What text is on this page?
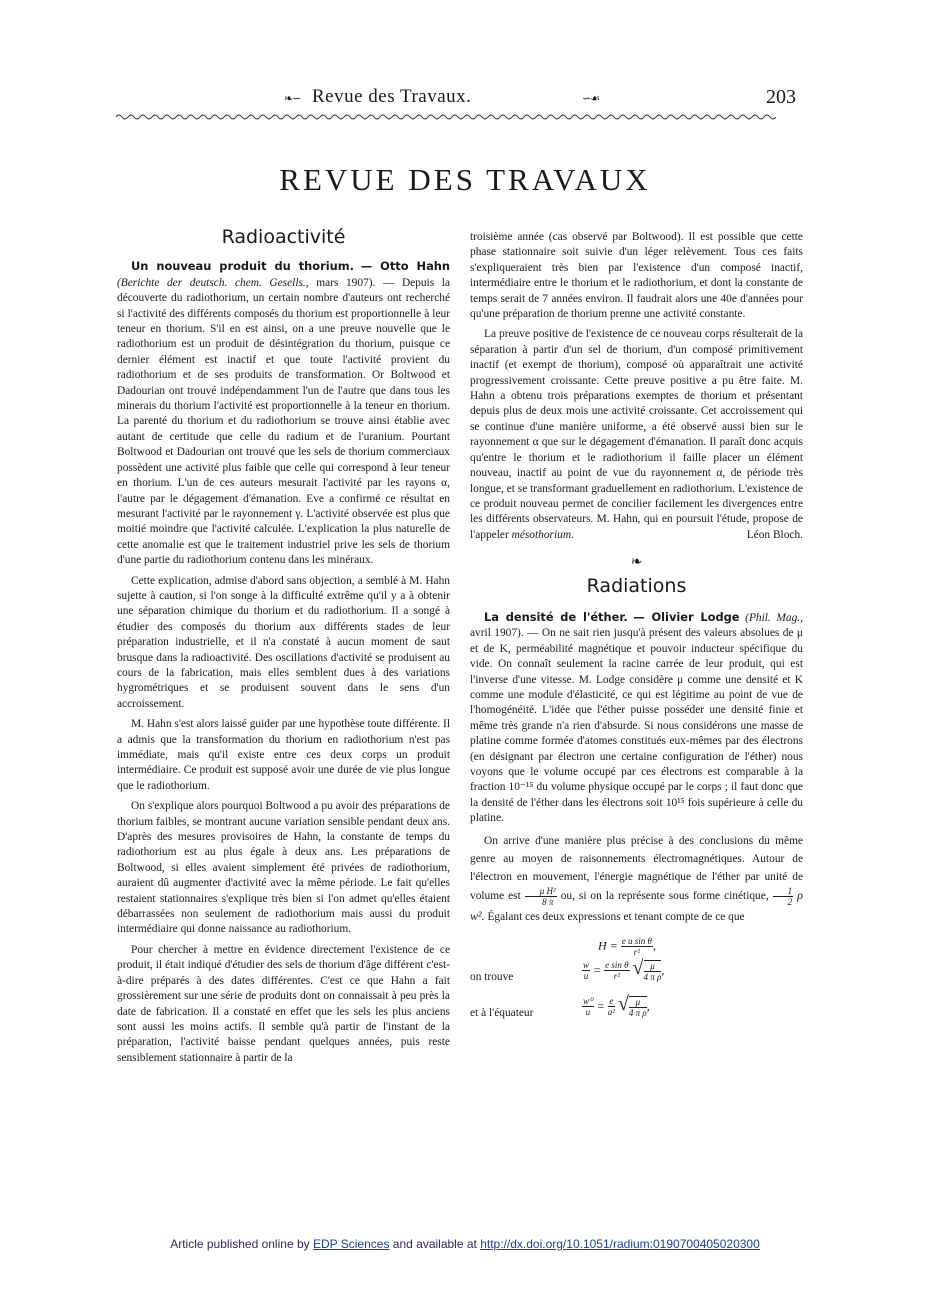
❧∽ Revue des Travaux.	∽☙	203
REVUE DES TRAVAUX
Radioactivité

Un nouveau produit du thorium. — Otto Hahn (Berichte der deutsch. chem. Gesells., mars 1907). — Depuis la découverte du radiothorium, un certain nombre d'auteurs ont recherché si l'activité des différents composés du thorium est proportionnelle à leur teneur en thorium. S'il en est ainsi, on a une preuve nouvelle que le radiothorium est un produit de désintégration du thorium, puisque ce dernier élément est inactif et que toute l'activité provient du radiothorium et de ses produits de transformation. Or Boltwood et Dadourian ont trouvé indépendamment l'un de l'autre que dans tous les minerais du thorium l'activité est proportionnelle à la teneur en thorium. La parenté du thorium et du radiothorium se trouve ainsi établie avec autant de certitude que celle du radium et de l'uranium. Pourtant Boltwood et Dadourian ont trouvé que les sels de thorium commerciaux possèdent une activité plus faible que celle qui correspond à leur teneur en thorium. L'un de ces auteurs mesurait l'activité par les rayons α, l'autre par le dégagement d'émanation. Eve a confirmé ce résultat en mesurant l'activité par le rayonnement γ. L'activité observée est plus que moitié moindre que l'activité calculée. L'explication la plus naturelle de cette anomalie est que le traitement industriel prive les sels de thorium d'une partie du radiothorium contenu dans les minéraux.

Cette explication, admise d'abord sans objection, a semblé à M. Hahn sujette à caution, si l'on songe à la difficulté extrême qu'il y a à obtenir une séparation chimique du thorium et du radiothorium. Il a songé à étudier des composés du thorium aux différents stades de leur préparation industrielle, et il n'a constaté à aucun moment de saut brusque dans la radioactivité. Des oscillations d'activité se produisent au cours de la fabrication, mais elles semblent dues à des variations hygrométriques et se produisent souvent dans le sens d'un accroissement.

M. Hahn s'est alors laissé guider par une hypothèse toute différente. Il a admis que la transformation du thorium en radiothorium n'est pas immédiate, mais qu'il existe entre ces deux corps un produit intermédiaire. Ce produit est supposé avoir une durée de vie plus longue que le radiothorium.

On s'explique alors pourquoi Boltwood a pu avoir des préparations de thorium faibles, se montrant aucune variation sensible pendant deux ans. D'après des mesures provisoires de Hahn, la constante de temps du radiothorium est au plus égale à deux ans. Les préparations de Boltwood, si elles avaient simplement été privées de radiothorium, auraient dû augmenter d'activité avec la même période. Le fait qu'elles restaient stationnaires s'explique très bien si l'on admet qu'elles étaient débarrassées non seulement de radiothorium mais aussi du produit intermédiaire qui donne naissance au radiothorium.

Pour chercher à mettre en évidence directement l'existence de ce produit, il était indiqué d'étudier des sels de thorium d'âge différent c'est-à-dire préparés à des dates différentes. C'est ce que Hahn a fait grossièrement sur une série de produits dont on connaissait à peu près la date de fabrication. Il a constaté en effet que les sels les plus anciens sont aussi les moins actifs. Il semble qu'à partir de l'instant de la préparation, l'activité baisse pendant quelques années, puis reste sensiblement stationnaire à partir de la

troisième année (cas observé par Boltwood). Il est possible que cette phase stationnaire soit suivie d'un léger relèvement. Tous ces faits s'expliqueraient très bien par l'existence d'un composé inactif, intermédiaire entre le thorium et le radiothorium, et dont la constante de temps serait de 7 années environ. Il faudrait alors une 40e d'années pour qu'une préparation de thorium prenne une activité constante.

La preuve positive de l'existence de ce nouveau corps résulterait de la séparation à partir d'un sel de thorium, d'un composé primitivement inactif (et exempt de thorium), composé où apparaîtrait une activité progressivement croissante. Cette preuve positive a pu être faite. M. Hahn a obtenu trois préparations exemptes de thorium et présentant depuis plus de deux mois une activité croissante. Cet accroissement qui se continue d'une manière uniforme, a été observé aussi bien sur le rayonnement α que sur le dégagement d'émanation. Il paraît donc acquis qu'entre le thorium et le radiothorium il faille placer un élément nouveau, inactif au point de vue du rayonnement α, de période très longue, et se transformant graduellement en radiothorium. L'existence de ce produit nouveau permet de concilier facilement les divergences entre les différents observateurs. M. Hahn, qui en poursuit l'étude, propose de l'appeler mésothorium.	Léon Bloch.

❧
Radiations

La densité de l'éther. — Olivier Lodge (Phil. Mag., avril 1907). — On ne sait rien jusqu'à présent des valeurs absolues de μ et de K, perméabilité magnétique et pouvoir inducteur spécifique du vide. On connaît seulement la racine carrée de leur produit, qui est l'inverse d'une vitesse. M. Lodge considère μ comme une densité et K comme une module d'élasticité, ce qui est légitime au point de vue de l'homogénéité. L'idée que l'éther puisse posséder une densité finie et même très grande n'a rien d'absurde. Si nous considérons une masse de platine comme formée d'atomes constitués eux-mêmes par des électrons (en désignant par électron une certaine configuration de l'éther) nous voyons que le volume occupé par ces électrons est comparable à la fraction 10⁻¹⁵ du volume physique occupé par le corps ; il faut donc que la densité de l'éther dans les électrons soit 10¹⁵ fois supérieure à celle du platine.

On arrive d'une manière plus précise à des conclusions du même genre au moyen de raisonnements électromagnétiques. Autour de l'électron en mouvement, l'énergie magnétique de l'éther par unité de volume est $\frac{\text{μ H²}}{8 \pi}$ ou, si on la représente sous forme cinétique, $\frac{1}{2}$ ρ w². Égalant ces deux expressions et tenant compte de ce que

$H = \frac{\text{e u sin θ}}{\text{r²}}$ ,
on trouve	$\frac{w}{u} = \frac{\text{e sin θ}}{\text{r²}}$ √ $\frac{\mu}{\text{4 π ρ}}$ ,
et à l'équateur	$\frac{\text{w⁰}}{u} = \frac{e}{\text{a²}}$ √ $\frac{\mu}{\text{4 π ρ}}$ ,
Article published online by EDP Sciences and available at http://dx.doi.org/10.1051/radium:0190700405020300
